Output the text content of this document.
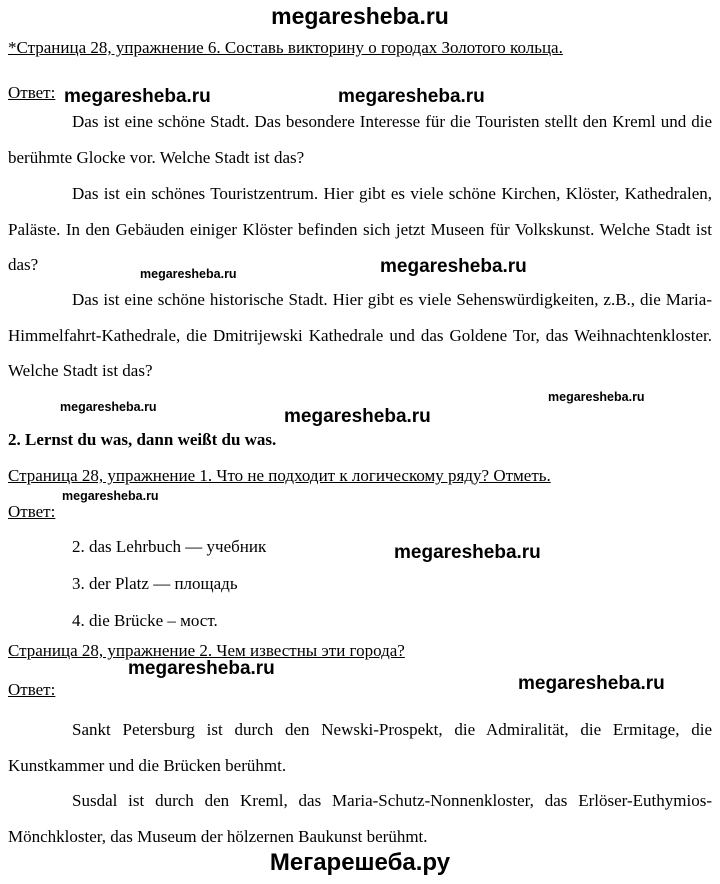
megaresheba.ru
*Страница 28, упражнение 6. Составь викторину о городах Золотого кольца.
Ответ:

Das ist eine schöne Stadt. Das besondere Interesse für die Touristen stellt den Kreml und die berühmte Glocke vor. Welche Stadt ist das?

Das ist ein schönes Touristzentrum. Hier gibt es viele schöne Kirchen, Klöster, Kathedralen, Paläste. In den Gebäuden einiger Klöster befinden sich jetzt Museen für Volkskunst. Welche Stadt ist das?

Das ist eine schöne historische Stadt. Hier gibt es viele Sehenswürdigkeiten, z.B., die Maria-Himmelfahrt-Kathedrale, die Dmitrijewski Kathedrale und das Goldene Tor, das Weihnachtenkloster. Welche Stadt ist das?

2. Lernst du was, dann weißt du was.
Страница 28, упражнение 1. Что не подходит к логическому ряду? Отметь.
Ответ:
2. das Lehrbuch — учебник
3. der Platz — площадь
4. die Brücke – мост.
Страница 28, упражнение 2. Чем известны эти города?
Ответ:

Sankt Petersburg ist durch den Newski-Prospekt, die Admiralität, die Ermitage, die Kunstkammer und die Brücken berühmt.

Susdal ist durch den Kreml, das Maria-Schutz-Nonnenkloster, das Erlöser-Euthymios-Mönchkloster, das Museum der hölzernen Baukunst berühmt.

Мегарешеба.ру
megaresheba.ru	megaresheba.ru
megaresheba.ru
megaresheba.ru
megaresheba.ru
megaresheba.ru	megaresheba.ru
megaresheba.ru
megaresheba.ru
megaresheba.ru
megaresheba.ru
